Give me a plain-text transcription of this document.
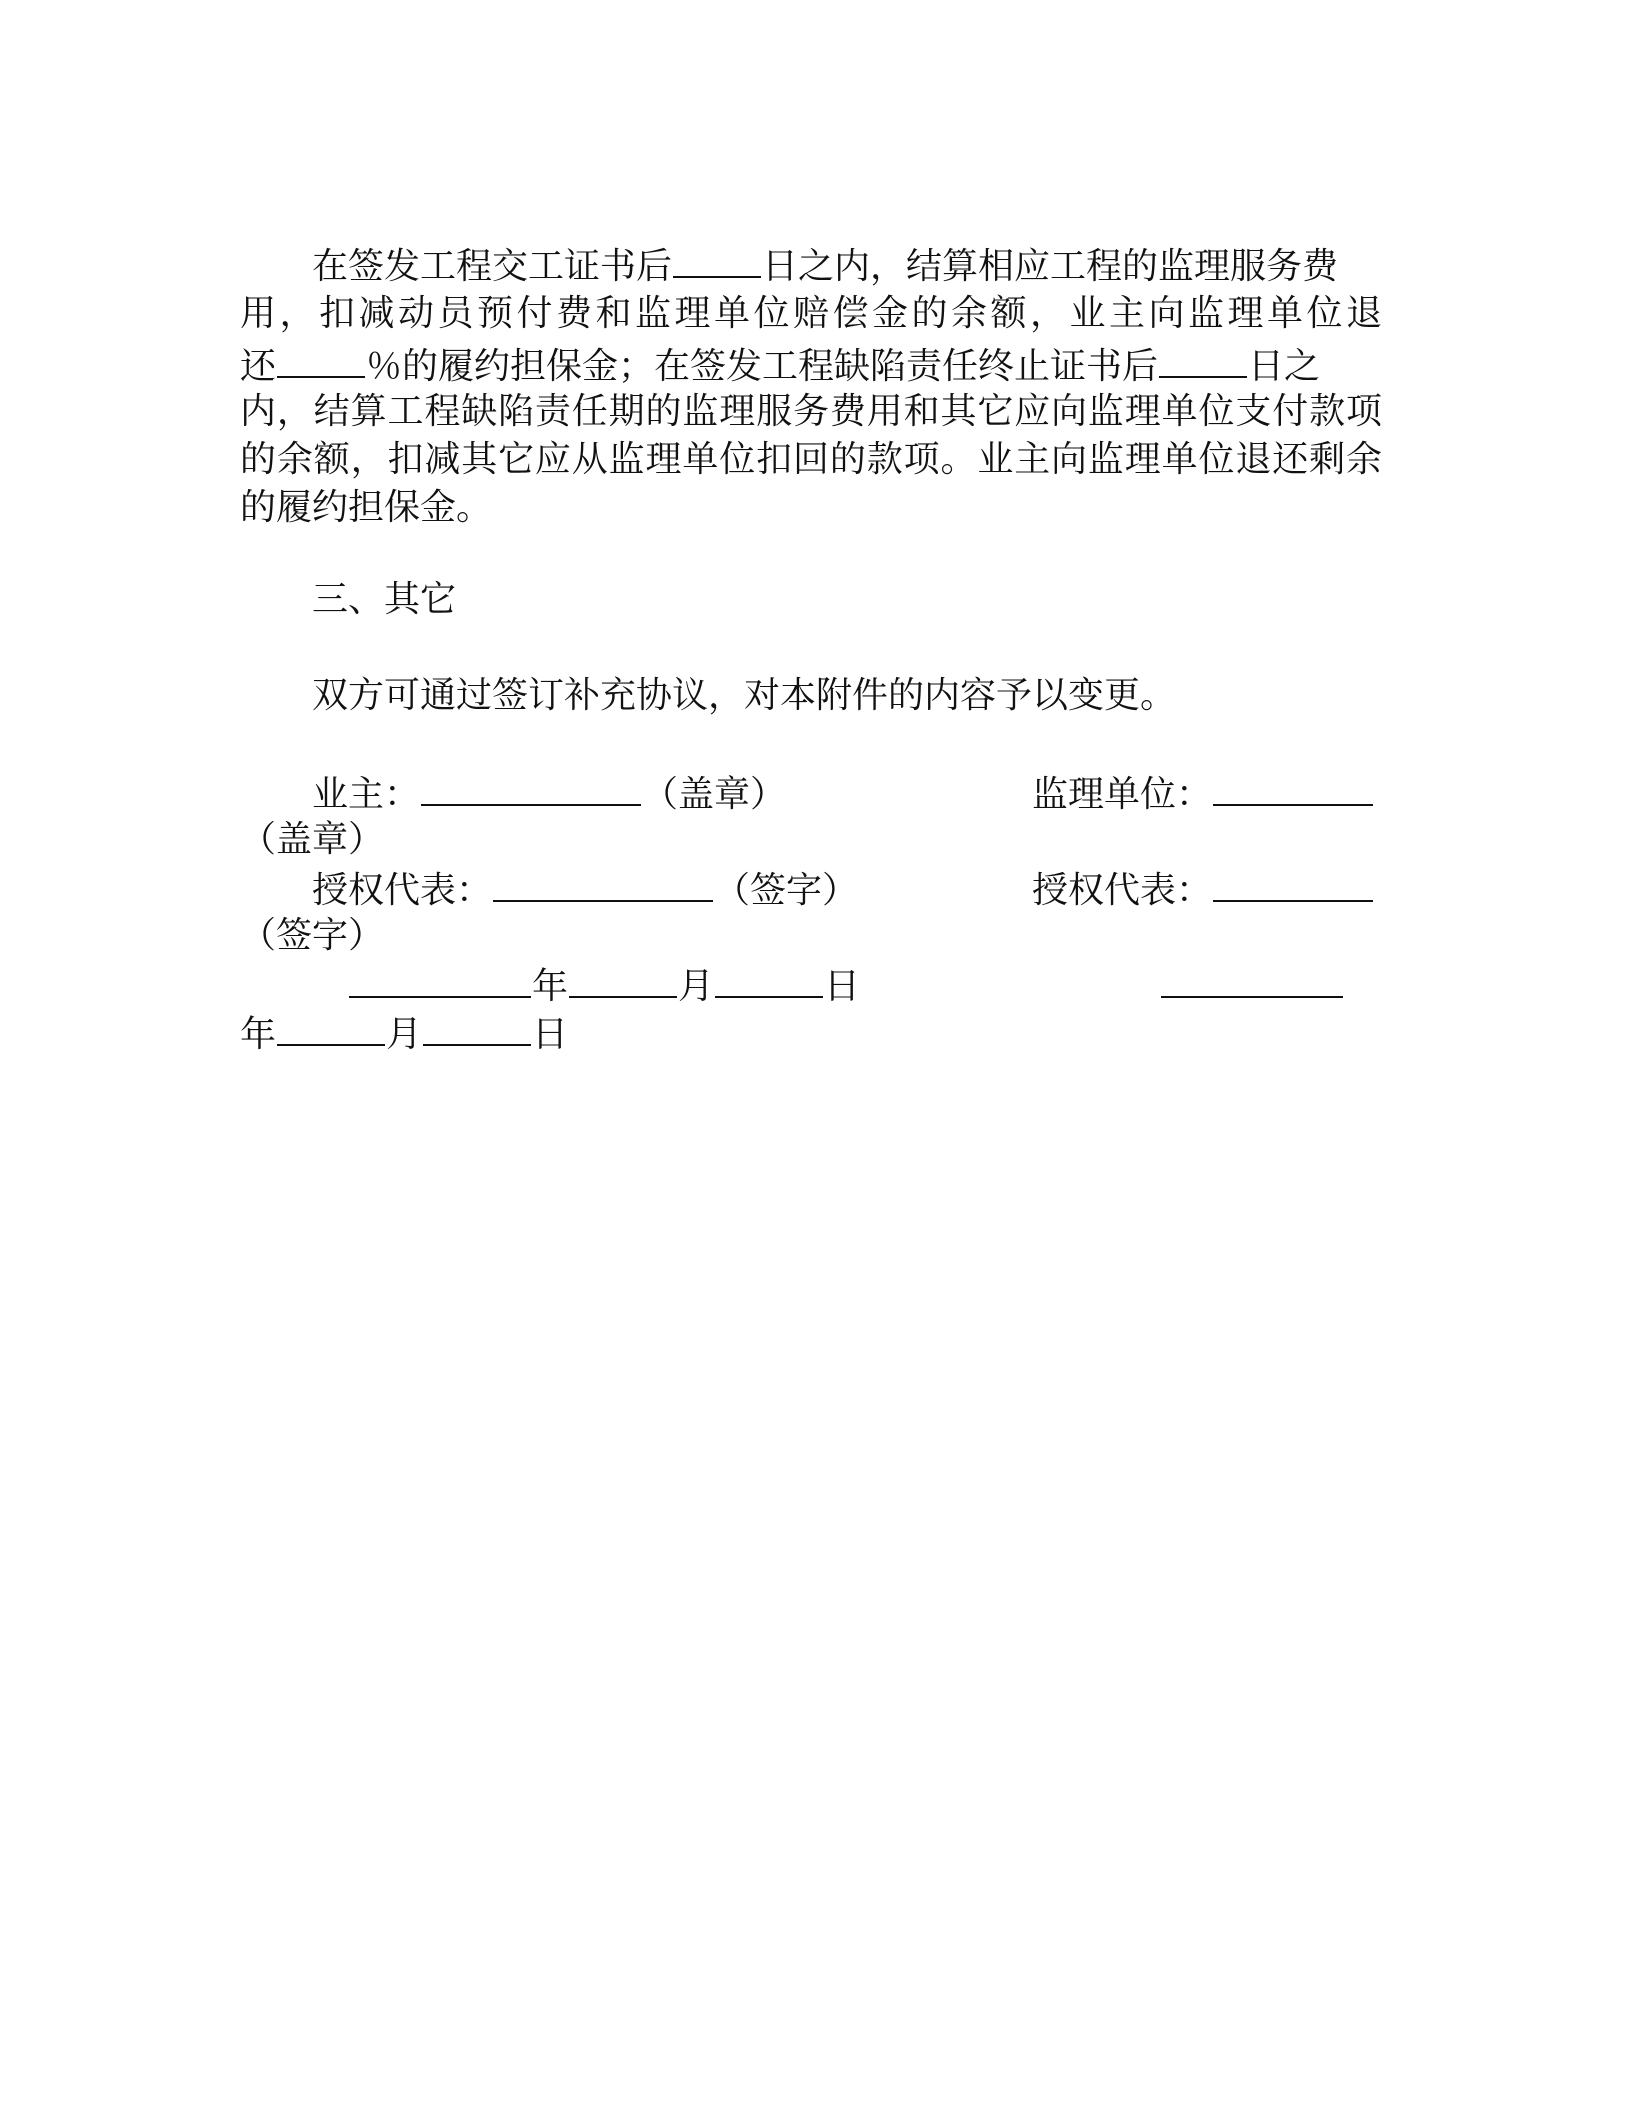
在签发工程交工证书后	日之内，结算相应工程的监理服务费
用，扣减动员预付费和监理单位赔偿金的余额，业主向监理单位退
还	％的履约担保金；在签发工程缺陷责任终止证书后	日之
内，结算工程缺陷责任期的监理服务费用和其它应向监理单位支付款项
的余额，扣减其它应从监理单位扣回的款项。业主向监理单位退还剩余
的履约担保金。
三、其它
双方可通过签订补充协议，对本附件的内容予以变更。
业主：	（盖章）	监理单位：
（盖章）
授权代表：	（签字）	授权代表：
（签字）
年	月	日
年	月	日
